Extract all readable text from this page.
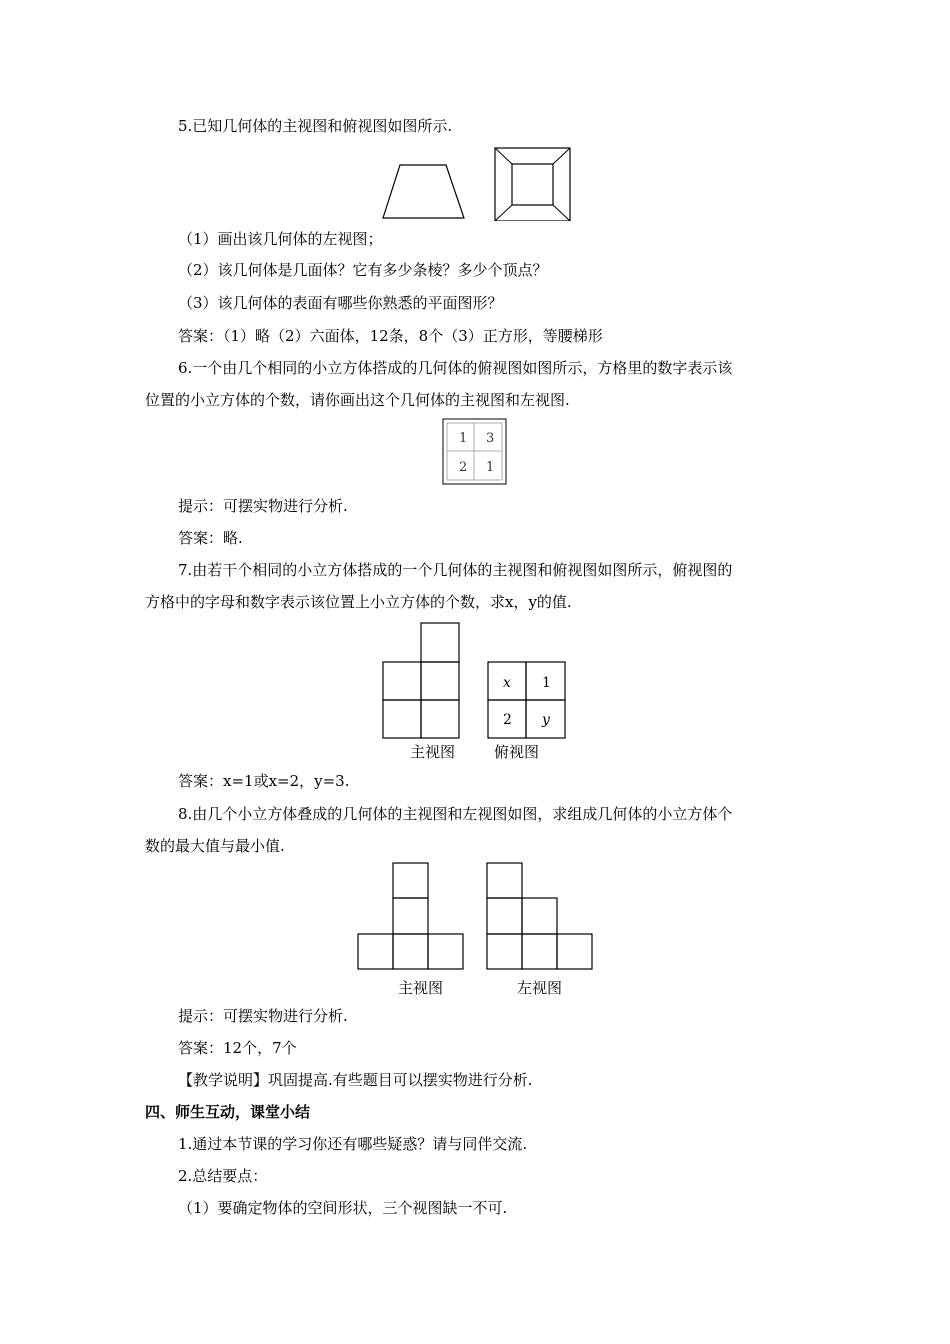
5.已知几何体的主视图和俯视图如图所示.
（1）画出该几何体的左视图；
（2）该几何体是几面体？它有多少条棱？多少个顶点？
（3）该几何体的表面有哪些你熟悉的平面图形？
答案：（1）略（2）六面体，12条，8个（3）正方形，等腰梯形
6.一个由几个相同的小立方体搭成的几何体的俯视图如图所示，方格里的数字表示该
位置的小立方体的个数，请你画出这个几何体的主视图和左视图.
1 3
2 1
提示：可摆实物进行分析.
答案：略.
7.由若干个相同的小立方体搭成的一个几何体的主视图和俯视图如图所示，俯视图的
方格中的字母和数字表示该位置上小立方体的个数，求x，y的值.
x 1
2 y
主视图	俯视图
答案：x=1或x=2，y=3.
8.由几个小立方体叠成的几何体的主视图和左视图如图，求组成几何体的小立方体个
数的最大值与最小值.
主视图	左视图
提示：可摆实物进行分析.
答案：12个，7个
【教学说明】巩固提高.有些题目可以摆实物进行分析.
四、师生互动，课堂小结
1.通过本节课的学习你还有哪些疑惑？请与同伴交流.
2.总结要点：
（1）要确定物体的空间形状，三个视图缺一不可.
